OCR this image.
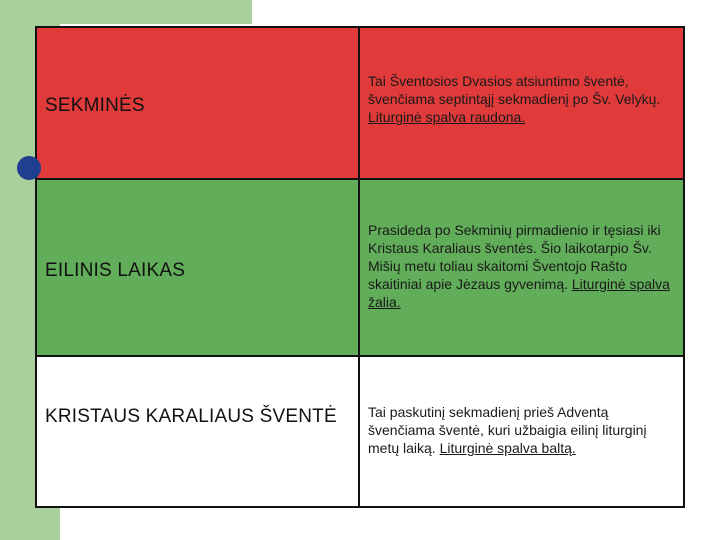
SEKMINĖS
Tai Šventosios Dvasios atsiuntimo šventė, švenčiama septintąjį sekmadienį po Šv. Velykų. Liturginė spalva raudona.
EILINIS LAIKAS
Prasideda po Sekminių pirmadienio ir tęsiasi iki Kristaus Karaliaus šventės. Šio laikotarpio Šv. Mišių metu toliau skaitomi Šventojo Rašto skaitiniai apie Jėzaus gyvenimą. Liturginė spalva žalia.
KRISTAUS KARALIAUS ŠVENTĖ Tai paskutinį sekmadienį prieš Adventą švenčiama šventė, kuri užbaigia eilinį liturginį metų laiką. Liturginė spalva baltą.
